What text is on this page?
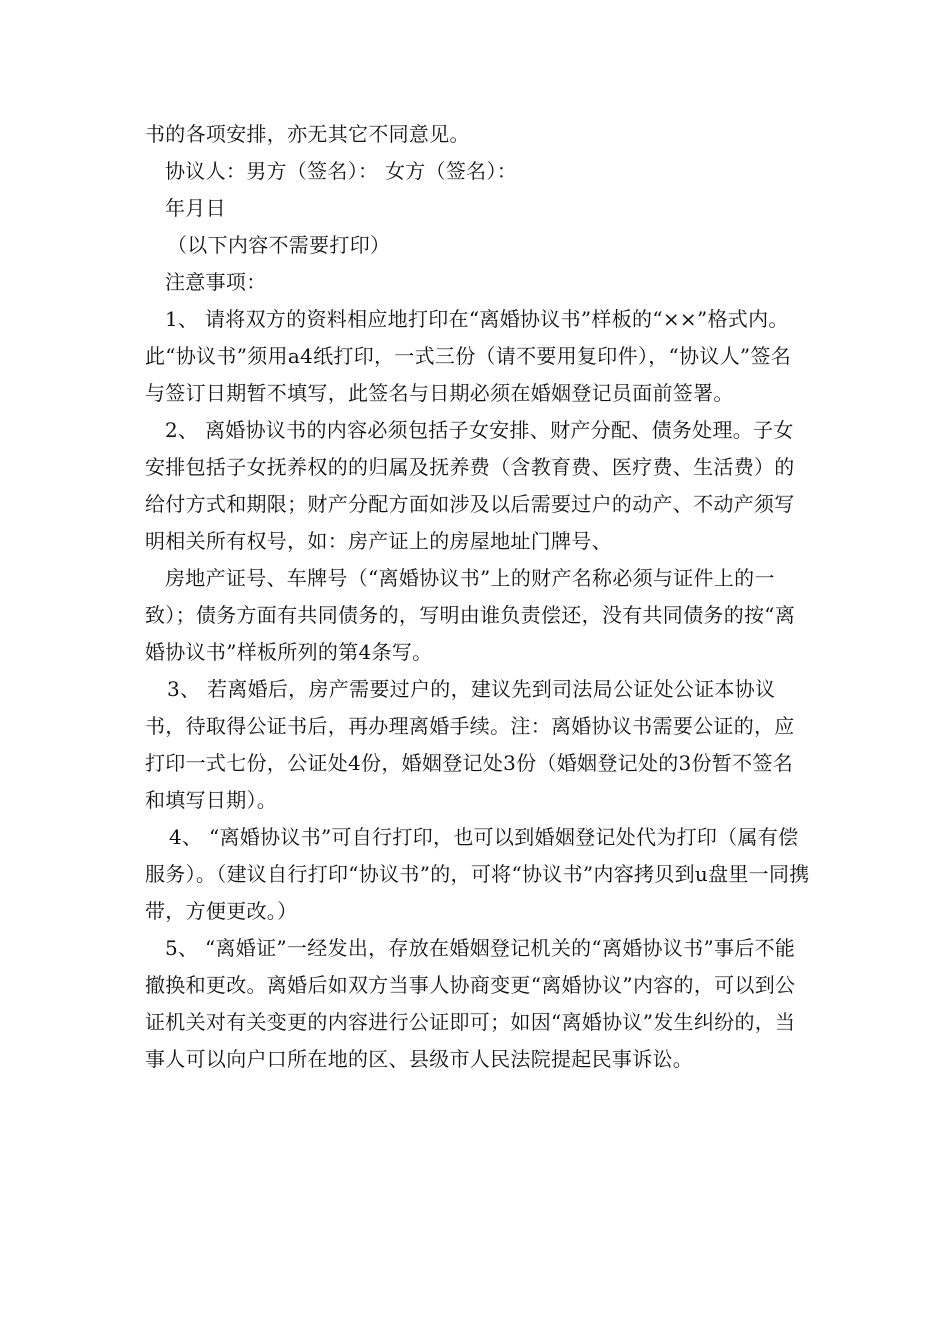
书的各项安排，亦无其它不同意见。

协议人：男方（签名）： 女方（签名）：

年月日

（以下内容不需要打印）

注意事项：

1、 请将双方的资料相应地打印在“离婚协议书”样板的“××”格式内。此“协议书”须用a4纸打印，一式三份（请不要用复印件），“协议人”签名与签订日期暂不填写，此签名与日期必须在婚姻登记员面前签署。

2、 离婚协议书的内容必须包括子女安排、财产分配、债务处理。子女安排包括子女抚养权的的归属及抚养费（含教育费、医疗费、生活费）的给付方式和期限；财产分配方面如涉及以后需要过户的动产、不动产须写明相关所有权号，如：房产证上的房屋地址门牌号、

房地产证号、车牌号（“离婚协议书”上的财产名称必须与证件上的一致）；债务方面有共同债务的，写明由谁负责偿还，没有共同债务的按“离婚协议书”样板所列的第4条写。

3、 若离婚后，房产需要过户的，建议先到司法局公证处公证本协议书，待取得公证书后，再办理离婚手续。注：离婚协议书需要公证的，应打印一式七份，公证处4份，婚姻登记处3份（婚姻登记处的3份暂不签名和填写日期）。

4、 “离婚协议书”可自行打印，也可以到婚姻登记处代为打印（属有偿服务）。（建议自行打印“协议书”的，可将“协议书”内容拷贝到u盘里一同携带，方便更改。）

5、 “离婚证”一经发出，存放在婚姻登记机关的“离婚协议书”事后不能撤换和更改。离婚后如双方当事人协商变更“离婚协议”内容的，可以到公证机关对有关变更的内容进行公证即可；如因“离婚协议”发生纠纷的，当事人可以向户口所在地的区、县级市人民法院提起民事诉讼。
